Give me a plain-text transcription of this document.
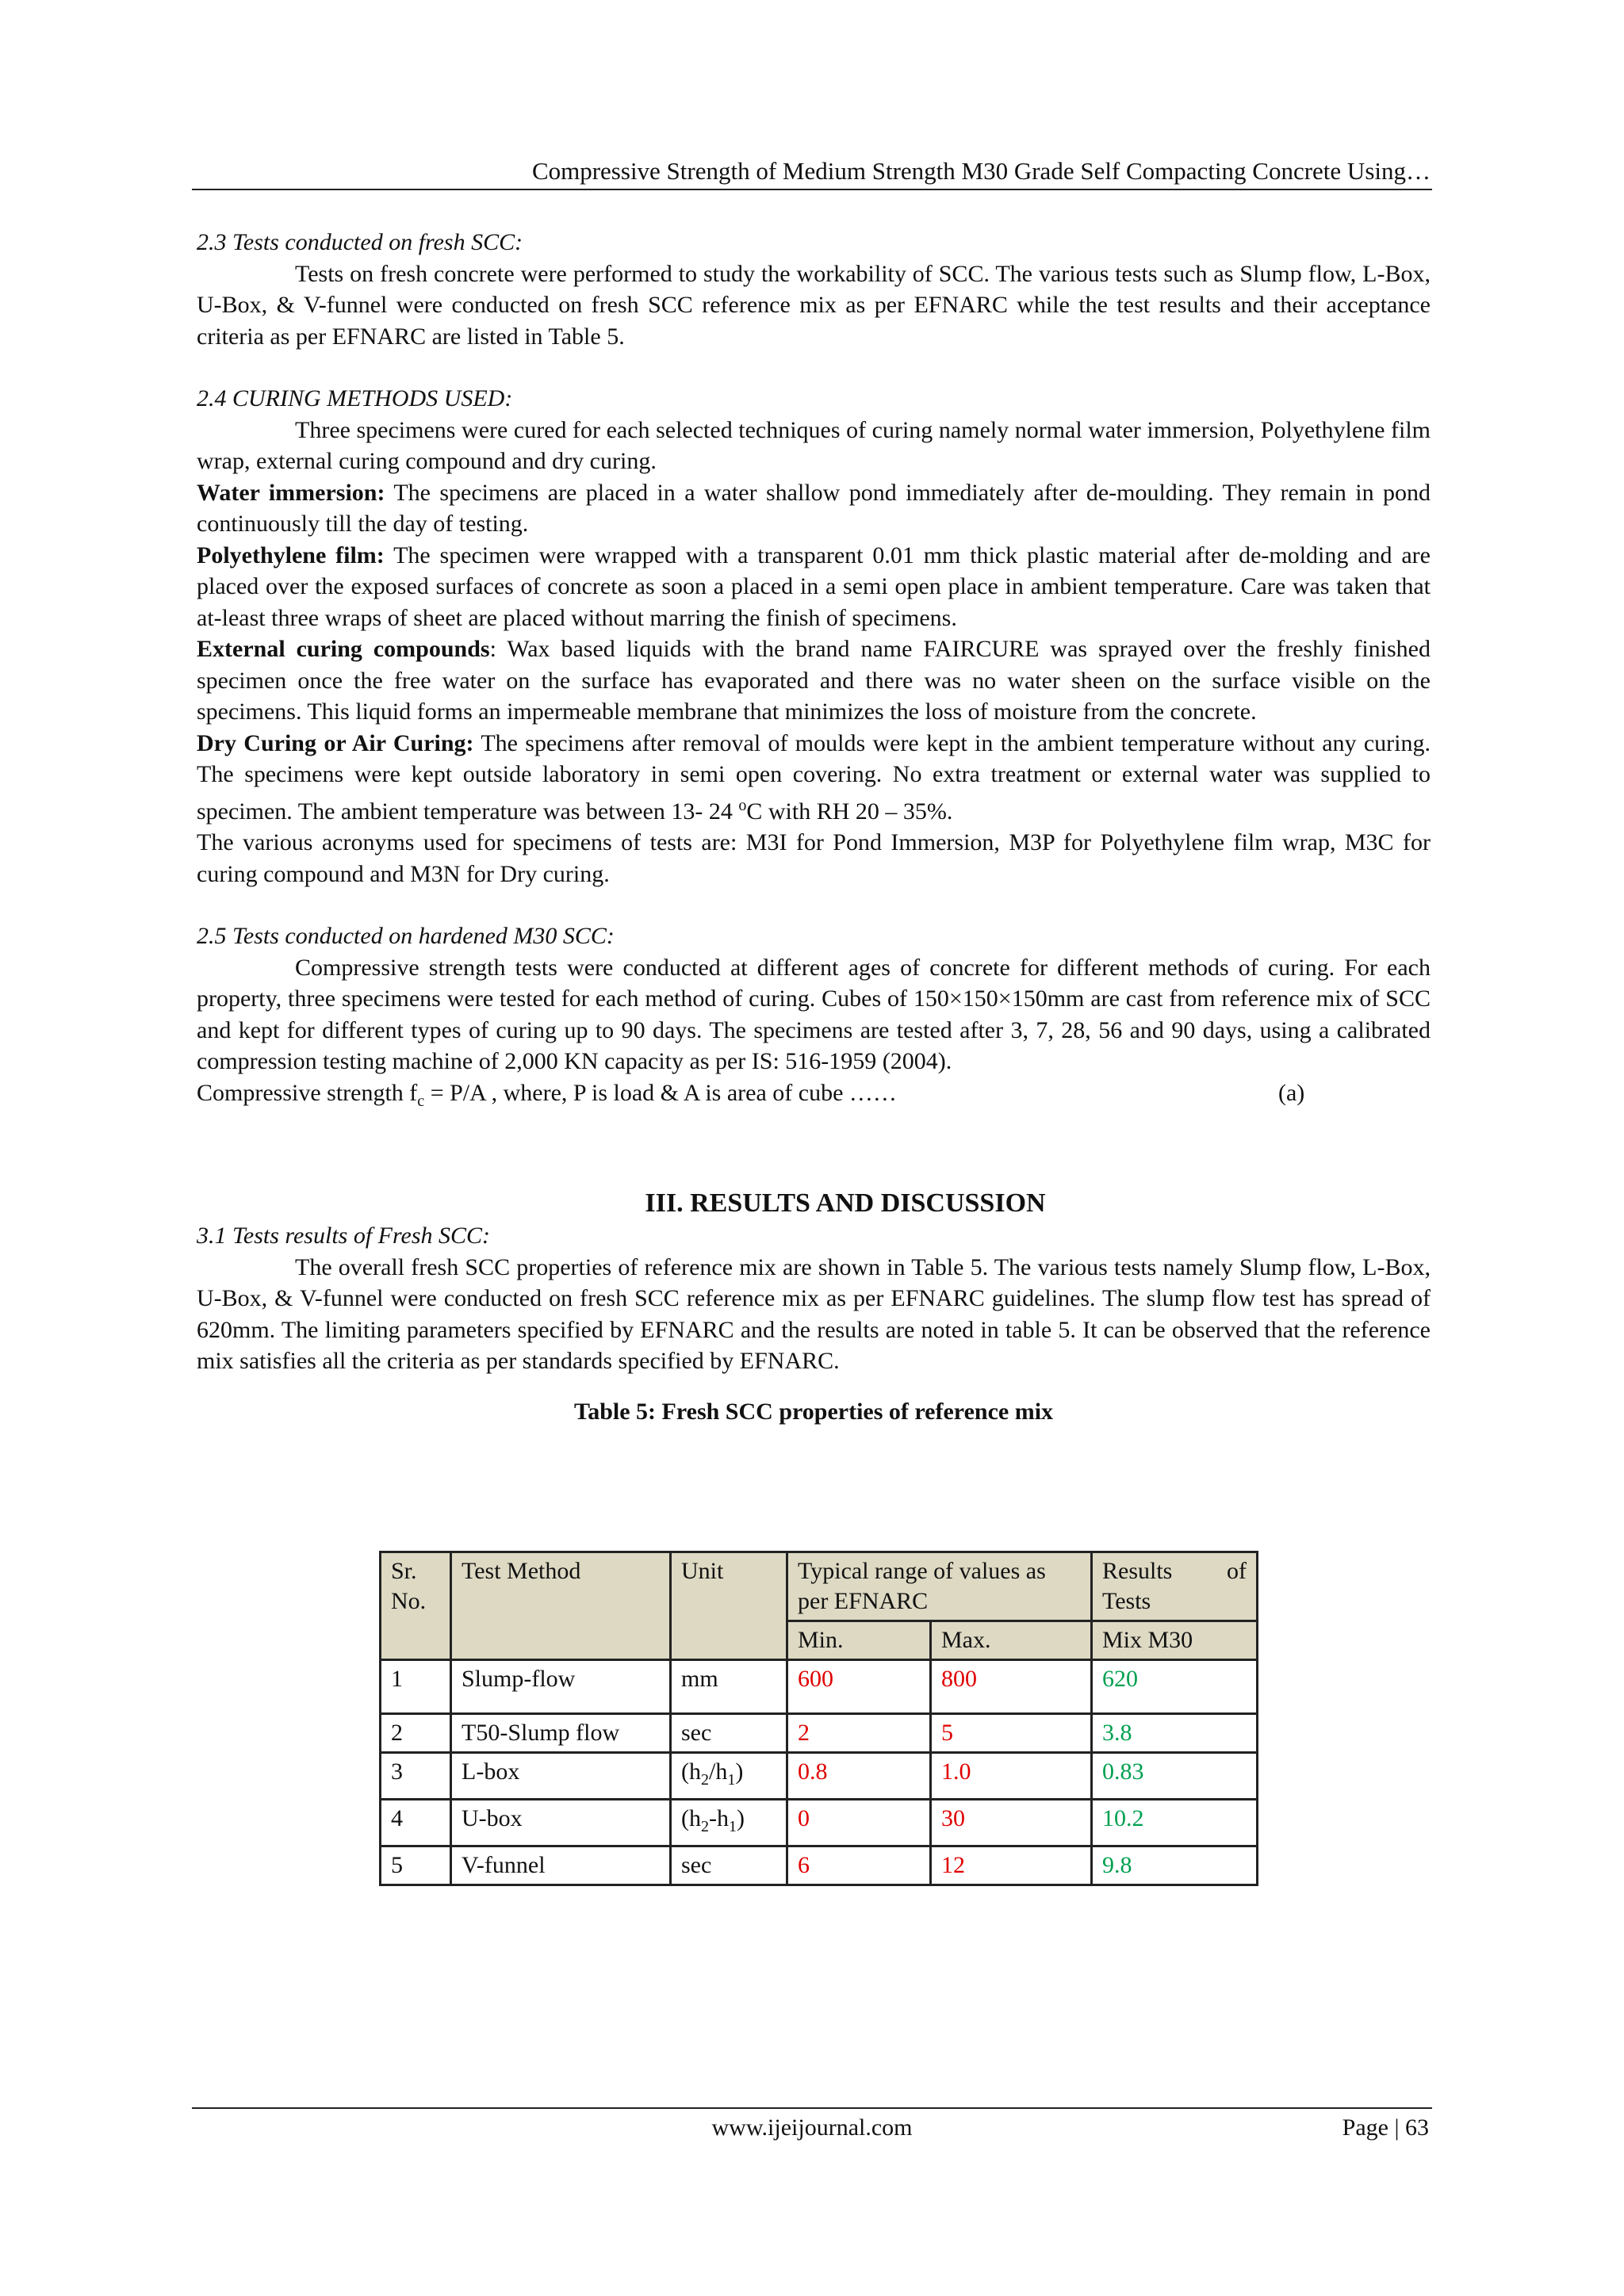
Compressive Strength of Medium Strength M30 Grade Self Compacting Concrete Using…

2.3 Tests conducted on fresh SCC:

Tests on fresh concrete were performed to study the workability of SCC. The various tests such as Slump flow, L-Box, U-Box, & V-funnel were conducted on fresh SCC reference mix as per EFNARC while the test results and their acceptance criteria as per EFNARC are listed in Table 5.

2.4 CURING METHODS USED:

Three specimens were cured for each selected techniques of curing namely normal water immersion, Polyethylene film wrap, external curing compound and dry curing.

Water immersion: The specimens are placed in a water shallow pond immediately after de-moulding. They remain in pond continuously till the day of testing.

Polyethylene film: The specimen were wrapped with a transparent 0.01 mm thick plastic material after de-molding and are placed over the exposed surfaces of concrete as soon a placed in a semi open place in ambient temperature. Care was taken that at-least three wraps of sheet are placed without marring the finish of specimens.

External curing compounds: Wax based liquids with the brand name FAIRCURE was sprayed over the freshly finished specimen once the free water on the surface has evaporated and there was no water sheen on the surface visible on the specimens. This liquid forms an impermeable membrane that minimizes the loss of moisture from the concrete.

Dry Curing or Air Curing: The specimens after removal of moulds were kept in the ambient temperature without any curing. The specimens were kept outside laboratory in semi open covering. No extra treatment or external water was supplied to specimen. The ambient temperature was between 13- 24 $^o$C with RH 20 – 35%.

The various acronyms used for specimens of tests are: M3I for Pond Immersion, M3P for Polyethylene film wrap, M3C for curing compound and M3N for Dry curing.

2.5 Tests conducted on hardened M30 SCC:

Compressive strength tests were conducted at different ages of concrete for different methods of curing. For each property, three specimens were tested for each method of curing. Cubes of 150×150×150mm are cast from reference mix of SCC and kept for different types of curing up to 90 days. The specimens are tested after 3, 7, 28, 56 and 90 days, using a calibrated compression testing machine of 2,000 KN capacity as per IS: 516-1959 (2004).

Compressive strength $f_c = P/A$ , where, P is load & A is area of cube ……	(a)

III. RESULTS AND DISCUSSION

3.1 Tests results of Fresh SCC:

The overall fresh SCC properties of reference mix are shown in Table 5. The various tests namely Slump flow, L-Box, U-Box, & V-funnel were conducted on fresh SCC reference mix as per EFNARC guidelines. The slump flow test has spread of 620mm. The limiting parameters specified by EFNARC and the results are noted in table 5. It can be observed that the reference mix satisfies all the criteria as per standards specified by EFNARC.

Table 5: Fresh SCC properties of reference mix

Sr. No.	Test Method	Unit	Typical range of values as per EFNARC		Results of Tests
			Min.	Max.	Mix M30
1	Slump-flow	mm	600	800	620
2	T50-Slump flow	sec	2	5	3.8
3	L-box	$(h_2/h_1)$	0.8	1.0	0.83
4	U-box	$(h_2-h_1)$	0	30	10.2
5	V-funnel	sec	6	12	9.8
www.ijeijournal.com	Page | 63
